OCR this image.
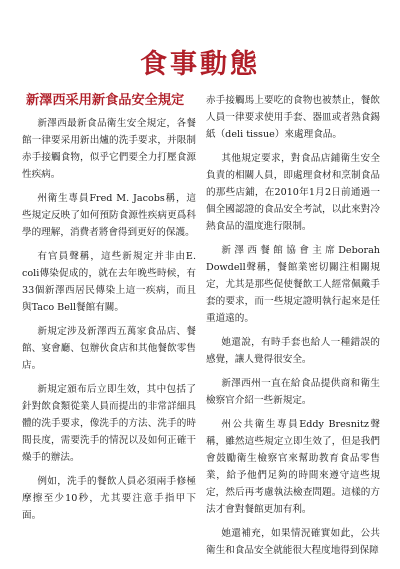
食事動態
新澤西采用新食品安全規定

新澤西最新食品衛生安全規定，各餐館一律要采用新出爐的洗手要求，并限制赤手接觸食物，似乎它們要全力打壓食源性疾病。

州衛生專員Fred M. Jacobs稱，這些規定反映了如何預防食源性疾病更爲科學的理解，消費者將會得到更好的保護。

有官員聲稱，這些新規定并非由E. coli傳染促成的，就在去年晚些時候，有33個新澤西居民傳染上這一疾病，而且與Taco Bell餐館有關。

新規定涉及新澤西五萬家食品店、餐館、宴會廳、包辦伙食店和其他餐飲零售店。

新規定頒布后立即生效，其中包括了針對飲食類從業人員而提出的非常詳細具體的洗手要求，像洗手的方法、洗手的時間長度，需要洗手的情況以及如何正確干燥手的辦法。

例如，洗手的餐飲人員必須兩手修極摩擦至少10秒，尤其要注意手指甲下面。

赤手接觸馬上要吃的食物也被禁止，餐飲人員一律要求使用手套、器皿或者熟食錫紙（deli tissue）來處理食品。

其他規定要求，對食品店鋪衛生安全負責的相關人員，即處理食材和烹制食品的那些店鋪，在2010年1月2日前通過一個全國認證的食品安全考試，以此來對冷熱食品的溫度進行限制。

新澤西餐館協會主席Deborah Dowdell聲稱，餐館業密切關注相關規定，尤其是那些促使餐飲工人經常佩戴手套的要求，而一些規定證明執行起來是任重道遠的。

她還說，有時手套也給人一種錯誤的感覺，讓人覺得很安全。

新澤西州一直在給食品提供商和衛生檢察官介紹一些新規定。

州公共衛生專員Eddy Bresnitz聲稱，雖然這些規定立即生效了，但是我們會鼓勵衛生檢察官來幫助教育食品零售業，給予他們足夠的時間來遵守這些規定，然后再考慮執法檢查問題。這樣的方法才會對餐館更加有利。

她還補充，如果情況確實如此，公共衛生和食品安全就能很大程度地得到保障
